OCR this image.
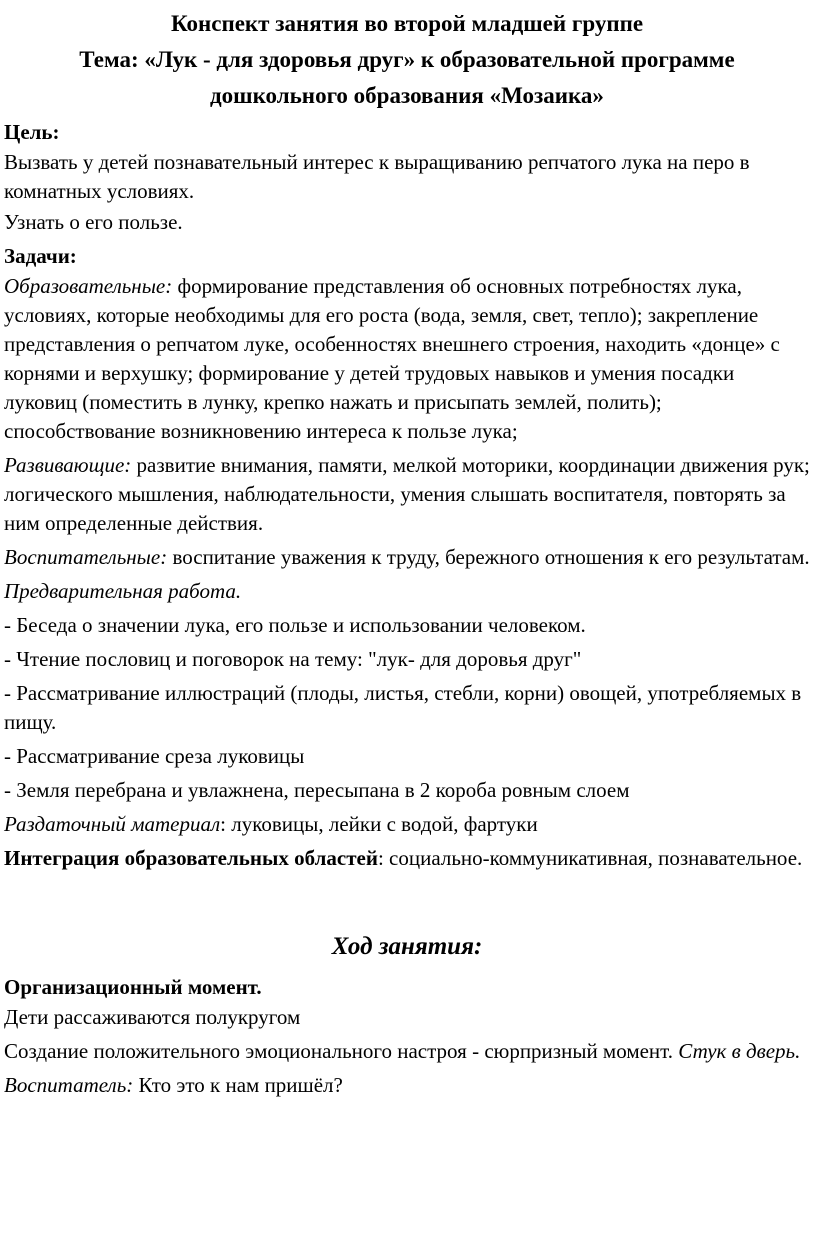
Конспект занятия во второй младшей группе

Тема: «Лук - для здоровья друг» к образовательной программе

дошкольного образования «Мозаика»

Цель:

Вызвать у детей познавательный интерес к выращиванию репчатого лука на перо в комнатных условиях.

Узнать о его пользе.

Задачи:

Образовательные: формирование представления об основных потребностях лука, условиях, которые необходимы для его роста (вода, земля, свет, тепло); закрепление представления о репчатом луке, особенностях внешнего строения, находить «донце» с корнями и верхушку; формирование у детей трудовых навыков и умения посадки луковиц (поместить в лунку, крепко нажать и присыпать землей, полить); способствование возникновению интереса к пользе лука;

Развивающие: развитие внимания, памяти, мелкой моторики, координации движения рук; логического мышления, наблюдательности, умения слышать воспитателя, повторять за ним определенные действия.

Воспитательные: воспитание уважения к труду, бережного отношения к его результатам.

Предварительная работа.

- Беседа о значении лука, его пользе и использовании человеком.

- Чтение пословиц и поговорок на тему: "лук- для доровья друг"

- Рассматривание иллюстраций (плоды, листья, стебли, корни) овощей, употребляемых в пищу.

- Рассматривание среза луковицы

- Земля перебрана и увлажнена, пересыпана в 2 короба ровным слоем

Раздаточный материал: луковицы, лейки с водой, фартуки

Интеграция образовательных областей: социально-коммуникативная, познавательное.

Ход занятия:
Организационный момент.

Дети рассаживаются полукругом

Создание положительного эмоционального настроя - сюрпризный момент. Стук в дверь.

Воспитатель: Кто это к нам пришёл?
